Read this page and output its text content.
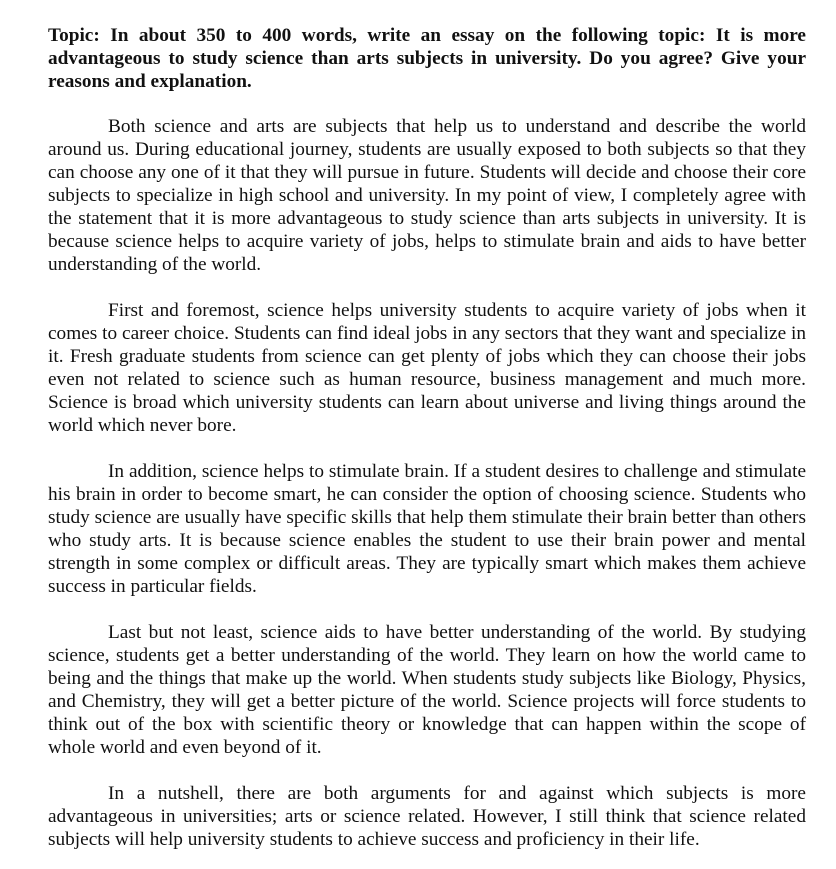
Topic: In about 350 to 400 words, write an essay on the following topic: It is more advantageous to study science than arts subjects in university. Do you agree? Give your reasons and explanation.

Both science and arts are subjects that help us to understand and describe the world around us. During educational journey, students are usually exposed to both subjects so that they can choose any one of it that they will pursue in future. Students will decide and choose their core subjects to specialize in high school and university. In my point of view, I completely agree with the statement that it is more advantageous to study science than arts subjects in university. It is because science helps to acquire variety of jobs, helps to stimulate brain and aids to have better understanding of the world.

First and foremost, science helps university students to acquire variety of jobs when it comes to career choice. Students can find ideal jobs in any sectors that they want and specialize in it. Fresh graduate students from science can get plenty of jobs which they can choose their jobs even not related to science such as human resource, business management and much more. Science is broad which university students can learn about universe and living things around the world which never bore.

In addition, science helps to stimulate brain. If a student desires to challenge and stimulate his brain in order to become smart, he can consider the option of choosing science. Students who study science are usually have specific skills that help them stimulate their brain better than others who study arts. It is because science enables the student to use their brain power and mental strength in some complex or difficult areas. They are typically smart which makes them achieve success in particular fields.

Last but not least, science aids to have better understanding of the world. By studying science, students get a better understanding of the world. They learn on how the world came to being and the things that make up the world. When students study subjects like Biology, Physics, and Chemistry, they will get a better picture of the world. Science projects will force students to think out of the box with scientific theory or knowledge that can happen within the scope of whole world and even beyond of it.

In a nutshell, there are both arguments for and against which subjects is more advantageous in universities; arts or science related. However, I still think that science related subjects will help university students to achieve success and proficiency in their life.
